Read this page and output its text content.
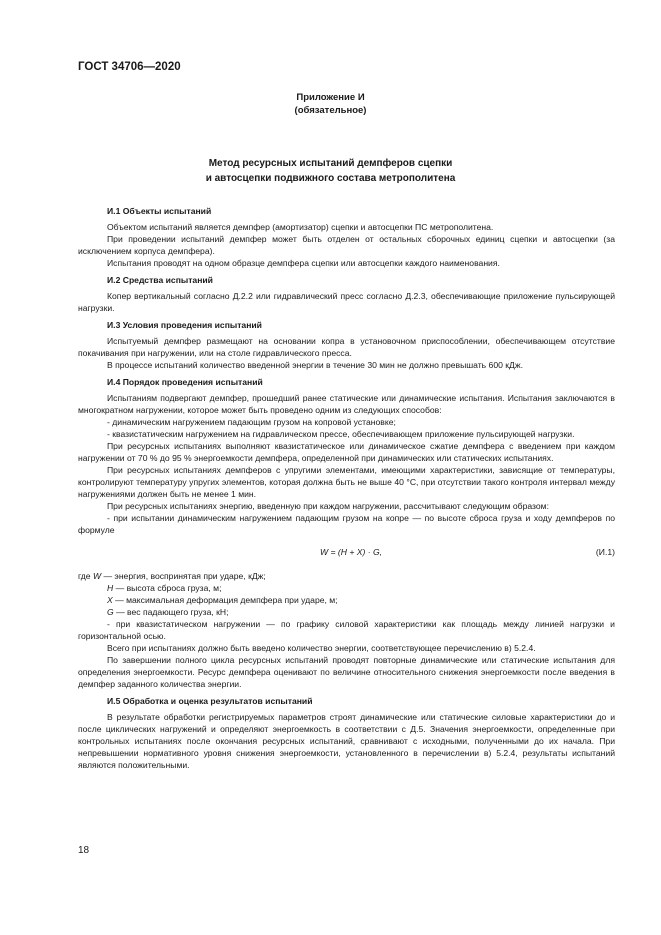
ГОСТ 34706—2020
Приложение И
(обязательное)
Метод ресурсных испытаний демпферов сцепки
и автосцепки подвижного состава метрополитена

И.1 Объекты испытаний

Объектом испытаний является демпфер (амортизатор) сцепки и автосцепки ПС метрополитена.

При проведении испытаний демпфер может быть отделен от остальных сборочных единиц сцепки и автосцепки (за исключением корпуса демпфера).

Испытания проводят на одном образце демпфера сцепки или автосцепки каждого наименования.

И.2 Средства испытаний

Копер вертикальный согласно Д.2.2 или гидравлический пресс согласно Д.2.3, обеспечивающие приложение пульсирующей нагрузки.

И.3 Условия проведения испытаний

Испытуемый демпфер размещают на основании копра в установочном приспособлении, обеспечивающем отсутствие покачивания при нагружении, или на столе гидравлического пресса.

В процессе испытаний количество введенной энергии в течение 30 мин не должно превышать 600 кДж.

И.4 Порядок проведения испытаний

Испытаниям подвергают демпфер, прошедший ранее статические или динамические испытания. Испытания заключаются в многократном нагружении, которое может быть проведено одним из следующих способов:

- динамическим нагружением падающим грузом на копровой установке;

- квазистатическим нагружением на гидравлическом прессе, обеспечивающем приложение пульсирующей нагрузки.

При ресурсных испытаниях выполняют квазистатическое или динамическое сжатие демпфера с введением при каждом нагружении от 70 % до 95 % энергоемкости демпфера, определенной при динамических или статических испытаниях.

При ресурсных испытаниях демпферов с упругими элементами, имеющими характеристики, зависящие от температуры, контролируют температуру упругих элементов, которая должна быть не выше 40 °С, при отсутствии такого контроля интервал между нагружениями должен быть не менее 1 мин.

При ресурсных испытаниях энергию, введенную при каждом нагружении, рассчитывают следующим образом:

- при испытании динамическим нагружением падающим грузом на копре — по высоте сброса груза и ходу демпферов по формуле

W = (H + X) · G,	(И.1)

где W — энергия, воспринятая при ударе, кДж;

H — высота сброса груза, м;

X — максимальная деформация демпфера при ударе, м;

G — вес падающего груза, кН;

- при квазистатическом нагружении — по графику силовой характеристики как площадь между линией нагрузки и горизонтальной осью.

Всего при испытаниях должно быть введено количество энергии, соответствующее перечислению в) 5.2.4.

По завершении полного цикла ресурсных испытаний проводят повторные динамические или статические испытания для определения энергоемкости. Ресурс демпфера оценивают по величине относительного снижения энергоемкости после введения в демпфер заданного количества энергии.

И.5 Обработка и оценка результатов испытаний

В результате обработки регистрируемых параметров строят динамические или статические силовые характеристики до и после циклических нагружений и определяют энергоемкость в соответствии с Д.5. Значения энергоемкости, определенные при контрольных испытаниях после окончания ресурсных испытаний, сравнивают с исходными, полученными до их начала. При непревышении нормативного уровня снижения энергоемкости, установленного в перечислении в) 5.2.4, результаты испытаний являются положительными.

18
